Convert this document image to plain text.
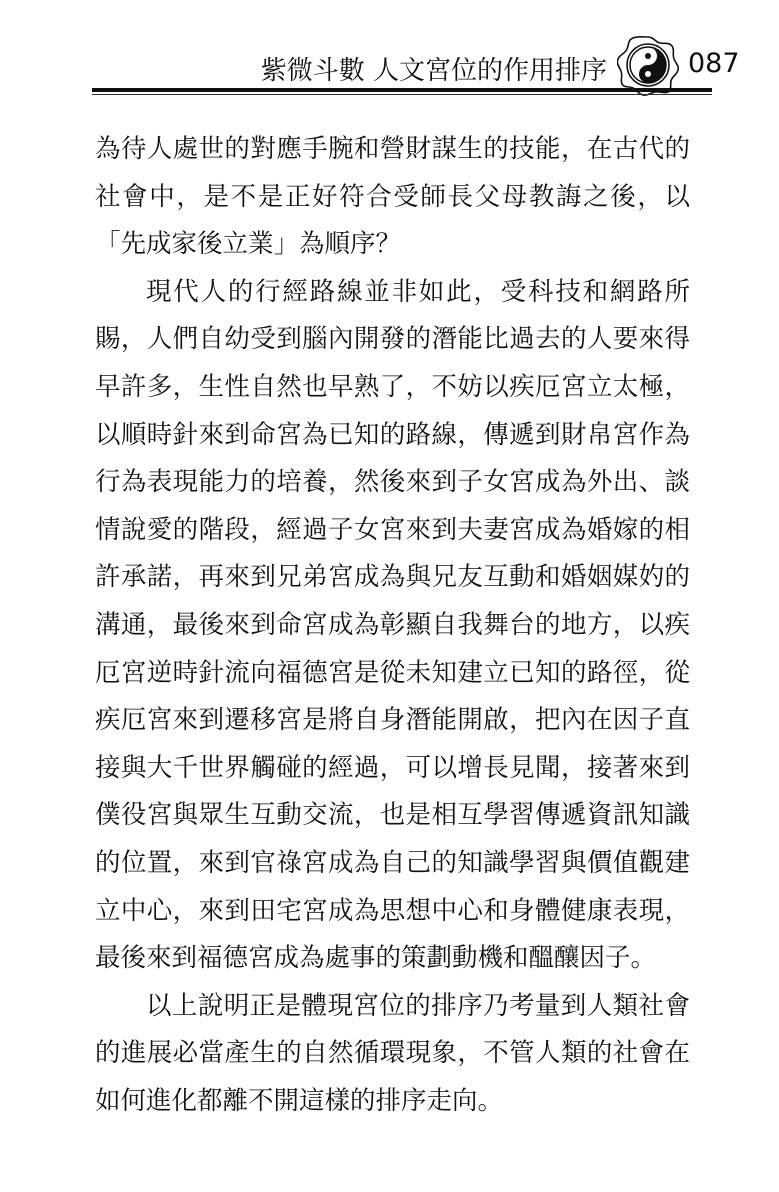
紫微斗數 人文宮位的作用排序	087

為待人處世的對應手腕和營財謀生的技能，在古代的社會中，是不是正好符合受師長父母教誨之後，以「先成家後立業」為順序？

現代人的行經路線並非如此，受科技和網路所賜，人們自幼受到腦內開發的潛能比過去的人要來得早許多，生性自然也早熟了，不妨以疾厄宮立太極，以順時針來到命宮為已知的路線，傳遞到財帛宮作為行為表現能力的培養，然後來到子女宮成為外出、談情說愛的階段，經過子女宮來到夫妻宮成為婚嫁的相許承諾，再來到兄弟宮成為與兄友互動和婚姻媒妁的溝通，最後來到命宮成為彰顯自我舞台的地方，以疾厄宮逆時針流向福德宮是從未知建立已知的路徑，從疾厄宮來到遷移宮是將自身潛能開啟，把內在因子直接與大千世界觸碰的經過，可以增長見聞，接著來到僕役宮與眾生互動交流，也是相互學習傳遞資訊知識的位置，來到官祿宮成為自己的知識學習與價值觀建立中心，來到田宅宮成為思想中心和身體健康表現，最後來到福德宮成為處事的策劃動機和醞釀因子。

以上說明正是體現宮位的排序乃考量到人類社會的進展必當產生的自然循環現象，不管人類的社會在如何進化都離不開這樣的排序走向。
